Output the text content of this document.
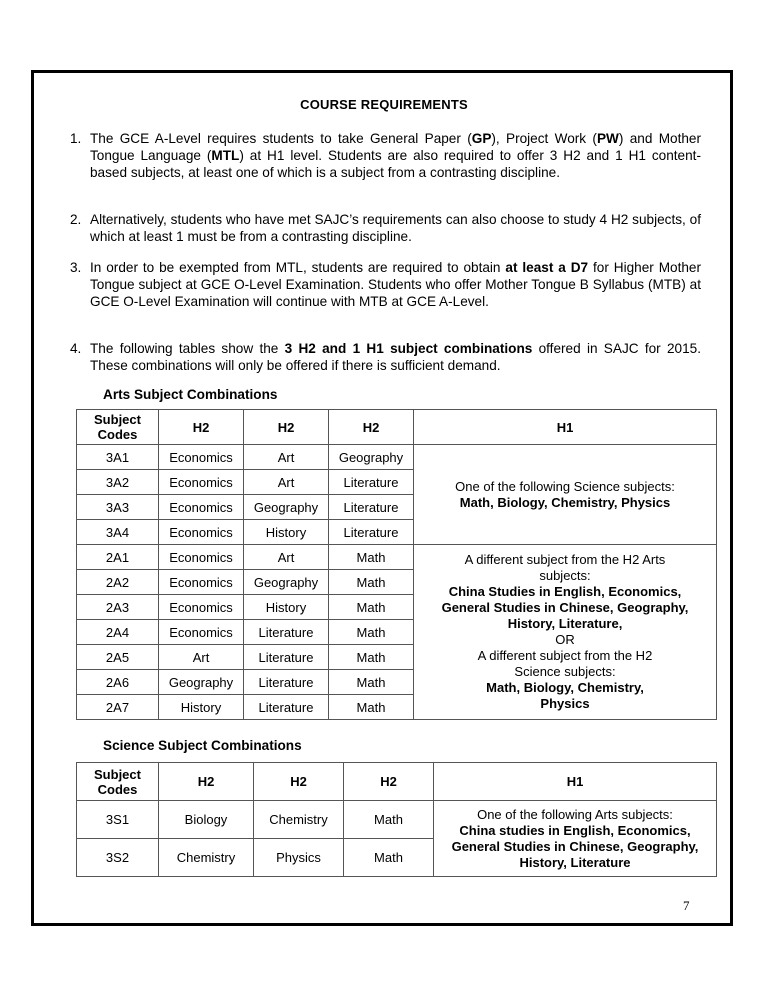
COURSE REQUIREMENTS
1. The GCE A-Level requires students to take General Paper (GP), Project Work (PW) and Mother Tongue Language (MTL) at H1 level. Students are also required to offer 3 H2 and 1 H1 content-based subjects, at least one of which is a subject from a contrasting discipline.

2. Alternatively, students who have met SAJC’s requirements can also choose to study 4 H2 subjects, of which at least 1 must be from a contrasting discipline.

3. In order to be exempted from MTL, students are required to obtain at least a D7 for Higher Mother Tongue subject at GCE O-Level Examination. Students who offer Mother Tongue B Syllabus (MTB) at GCE O-Level Examination will continue with MTB at GCE A-Level.

4. The following tables show the 3 H2 and 1 H1 subject combinations offered in SAJC for 2015. These combinations will only be offered if there is sufficient demand.

Arts Subject Combinations
Subject Codes	H2	H2	H2	H1
3A1	Economics	Art	Geography	One of the following Science subjects:
Math, Biology, Chemistry, Physics

3A2	Economics	Art	Literature	
3A3	Economics	Geography	Literature	
3A4	Economics	History	Literature	
2A1	Economics	Art	Math	A different subject from the H2 Arts subjects:
China Studies in English, Economics, General Studies in Chinese, Geography, History, Literature,
OR
A different subject from the H2 Science subjects:
Math, Biology, Chemistry, Physics

2A2	Economics	Geography	Math	
2A3	Economics	History	Math	
2A4	Economics	Literature	Math	
2A5	Art	Literature	Math	
2A6	Geography	Literature	Math	
2A7	History	Literature	Math	
Science Subject Combinations
Subject Codes	H2	H2	H2	H1
3S1	Biology	Chemistry	Math	One of the following Arts subjects:
China studies in English, Economics, General Studies in Chinese, Geography, History, Literature

3S2	Chemistry	Physics	Math	
7
